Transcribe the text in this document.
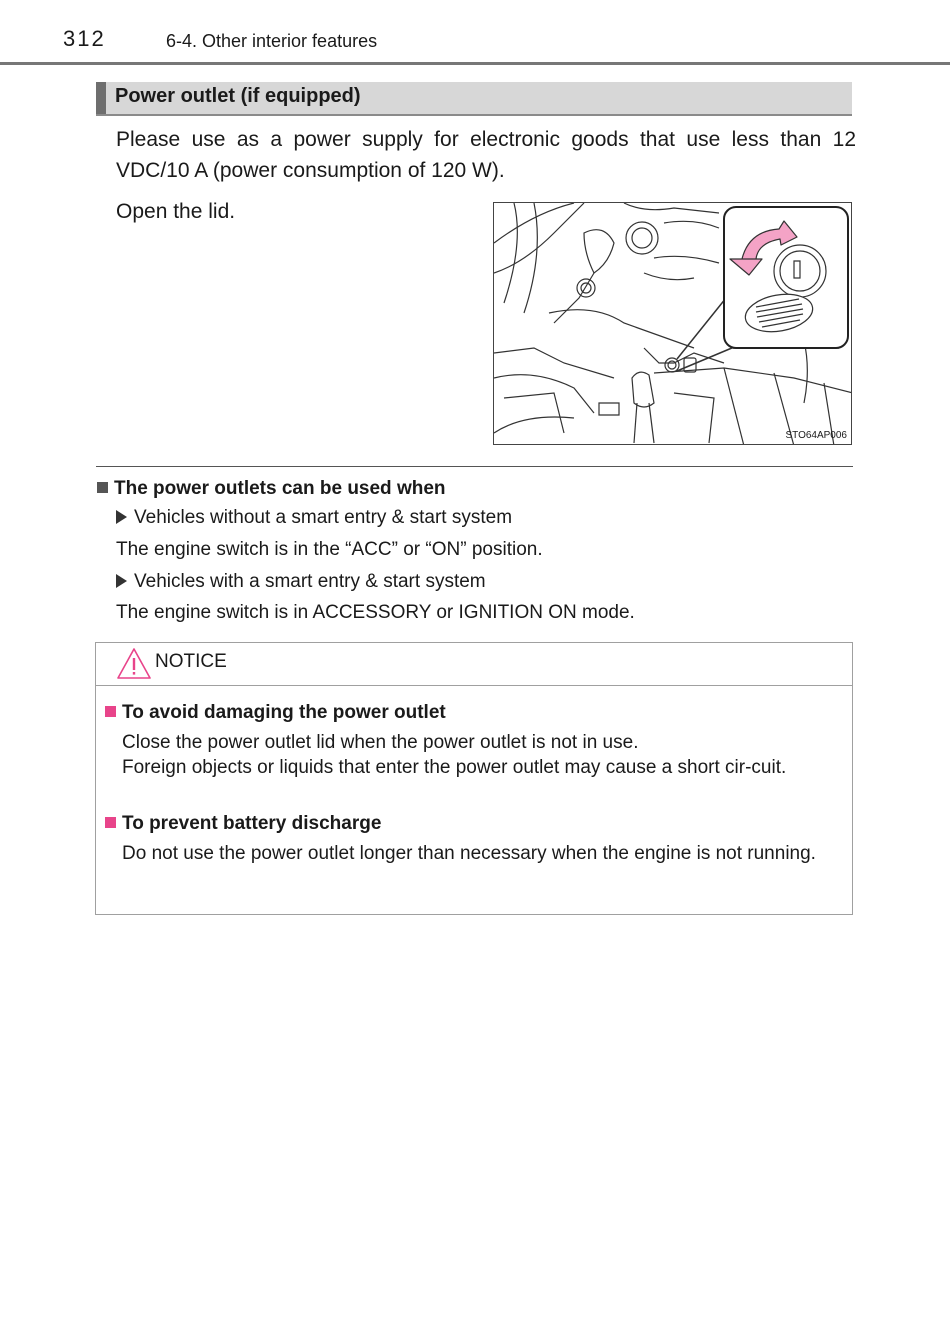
312	6-4. Other interior features
Power outlet (if equipped)
Please use as a power supply for electronic goods that use less than 12 VDC/10 A (power consumption of 120 W).
Open the lid.
STO64AP006
The power outlets can be used when
Vehicles without a smart entry & start system
The engine switch is in the “ACC” or “ON” position.
Vehicles with a smart entry & start system
The engine switch is in ACCESSORY or IGNITION ON mode.
NOTICE
To avoid damaging the power outlet
Close the power outlet lid when the power outlet is not in use.
Foreign objects or liquids that enter the power outlet may cause a short cir-cuit.
To prevent battery discharge
Do not use the power outlet longer than necessary when the engine is not running.
